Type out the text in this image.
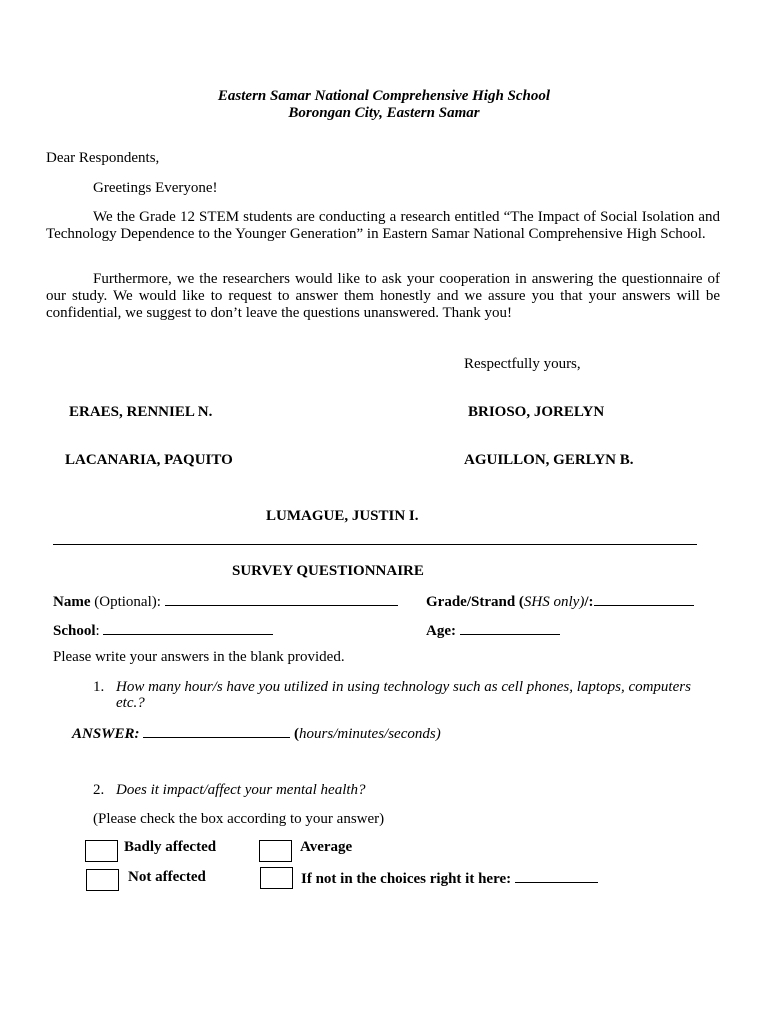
Eastern Samar National Comprehensive High School
Borongan City, Eastern Samar
Dear Respondents,
Greetings Everyone!
We the Grade 12 STEM students are conducting a research entitled “The Impact of Social Isolation and Technology Dependence to the Younger Generation” in Eastern Samar National Comprehensive High School.
Furthermore, we the researchers would like to ask your cooperation in answering the questionnaire of our study. We would like to request to answer them honestly and we assure you that your answers will be confidential, we suggest to don’t leave the questions unanswered. Thank you!
Respectfully yours,
ERAES, RENNIEL N.	BRIOSO, JORELYN
LACANARIA, PAQUITO	AGUILLON, GERLYN B.
LUMAGUE, JUSTIN I.
SURVEY QUESTIONNAIRE
Name (Optional):	Grade/Strand (SHS only)/:
School:	Age:
Please write your answers in the blank provided.
1. How many hour/s have you utilized in using technology such as cell phones, laptops, computers etc.?
ANSWER:	(hours/minutes/seconds)
2. Does it impact/affect your mental health?
(Please check the box according to your answer)
Badly affected	Average
Not affected	If not in the choices right it here:
